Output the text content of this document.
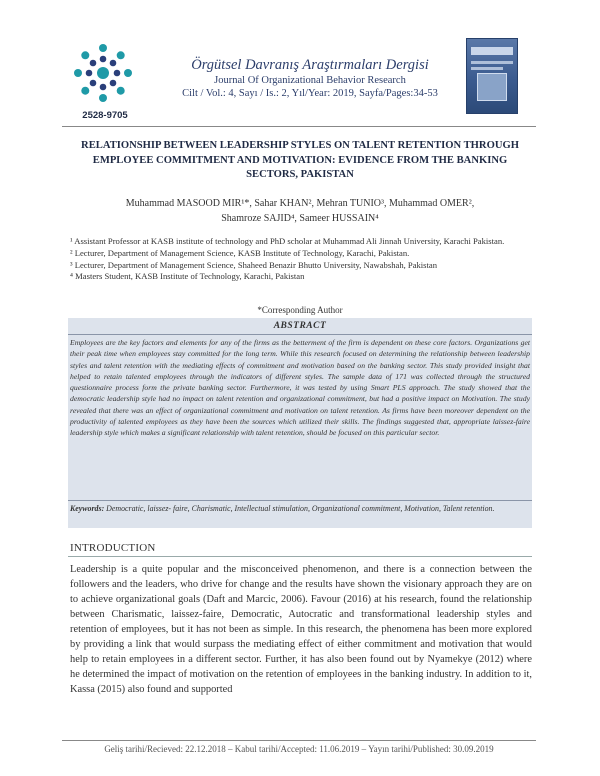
2528-9705
Örgütsel Davranış Araştırmaları Dergisi
Journal Of Organizational Behavior Research
Cilt / Vol.: 4, Sayı / Is.: 2, Yıl/Year: 2019, Sayfa/Pages:34-53
RELATIONSHIP BETWEEN LEADERSHIP STYLES ON TALENT RETENTION THROUGH EMPLOYEE COMMITMENT AND MOTIVATION: EVIDENCE FROM THE BANKING SECTORS, PAKISTAN
Muhammad MASOOD MIR¹*, Sahar KHAN², Mehran TUNIO³, Muhammad OMER²,
Shamroze SAJID⁴, Sameer HUSSAIN⁴
¹ Assistant Professor at KASB institute of technology and PhD scholar at Muhammad Ali Jinnah University, Karachi Pakistan.
² Lecturer, Department of Management Science, KASB Institute of Technology, Karachi, Pakistan.
³ Lecturer, Department of Management Science, Shaheed Benazir Bhutto University, Nawabshah, Pakistan
⁴ Masters Student, KASB Institute of Technology, Karachi, Pakistan
*Corresponding Author
ABSTRACT

Employees are the key factors and elements for any of the firms as the betterment of the firm is dependent on these core factors. Organizations get their peak time when employees stay committed for the long term. While this research focused on determining the relationship between leadership styles and talent retention with the mediating effects of commitment and motivation based on the banking sector. This study provided insight that helped to retain talented employees through the indicators of different styles. The sample data of 171 was collected through the structured questionnaire process form the private banking sector. Furthermore, it was tested by using Smart PLS approach. The study showed that the democratic leadership style had no impact on talent retention and organizational commitment, but had a positive impact on Motivation. The study revealed that there was an effect of organizational commitment and motivation on talent retention. As firms have been moreover dependent on the productivity of talented employees as they have been the sources which utilized their skills. The findings suggested that, appropriate laissez-faire leadership style which makes a significant relationship with talent retention, should be focused on this particular sector.

Keywords: Democratic, laissez- faire, Charismatic, Intellectual stimulation, Organizational commitment, Motivation, Talent retention.

INTRODUCTION

Leadership is a quite popular and the misconceived phenomenon, and there is a connection between the followers and the leaders, who drive for change and the results have shown the visionary approach they are on to achieve organizational goals (Daft and Marcic, 2006). Favour (2016) at his research, found the relationship between Charismatic, laissez-faire, Democratic, Autocratic and transformational leadership styles and retention of employees, but it has not been as simple. In this research, the phenomena has been more explored by providing a link that would surpass the mediating effect of either commitment and motivation that would help to retain employees in a different sector. Further, it has also been found out by Nyamekye (2012) where he determined the impact of motivation on the retention of employees in the banking industry. In addition to it, Kassa (2015) also found and supported

Geliş tarihi/Recieved: 22.12.2018 – Kabul tarihi/Accepted: 11.06.2019 – Yayın tarihi/Published: 30.09.2019
